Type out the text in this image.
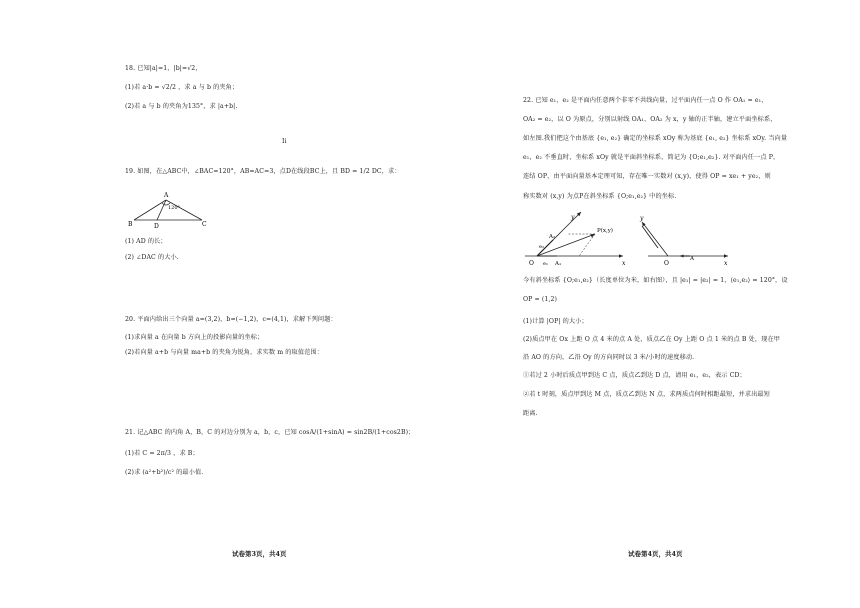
18. 已知|a|=1，|b|=√2，
(1)若 a·b = √2/2 ，求 a 与 b 的夹角；
(2)若 a 与 b 的夹角为135°，求 |a+b|.
Ii
19. 如图，在△ABC中，∠BAC=120°，AB=AC=3，点D在线段BC上，且 BD = 1/2 DC，求：
A
120°
B	D	C
(1) AD 的长；
(2) ∠DAC 的大小.
20. 平面内给出三个向量 a=(3,2)，b=(−1,2)，c=(4,1)，求解下列问题：
(1)求向量 a 在向量 b 方向上的投影向量的坐标；
(2)若向量 a+b 与向量 ma+b 的夹角为锐角，求实数 m 的取值范围：
21. 记△ABC 的内角 A，B，C 的对边分别为 a，b，c，已知 cosA/(1+sinA) = sin2B/(1+cos2B)；
(1)若 C = 2π/3 ，求 B；
(2)求 (a²+b²)/c² 的最小值.
试卷第3页，共4页
22. 已知 e₁，e₂ 是平面内任意两个非零不共线向量，过平面内任一点 O 作 OA₁ = e₁，
OA₂ = e₂，以 O 为原点，分别以射线 OA₁、OA₂ 为 x，y 轴的正半轴，建立平面坐标系，
如左图.我们把这个由基底 {e₁, e₂} 确定的坐标系 xOy 称为基底 {e₁, e₂} 坐标系 xOy. 当向量
e₁，e₂ 不垂直时，坐标系 xOy 就是平面斜坐标系，简记为 {O;e₁,e₂}. 对平面内任一点 P，
连结 OP，由平面向量基本定理可知，存在唯一实数对 (x,y)，使得 OP = xe₁ + ye₂，则
称实数对 (x,y) 为点P在斜坐标系 {O;e₁,e₂} 中的坐标.
y
P(x,y)
A₂
e₂
O e₁ A₁	x
y
O
A
x
今有斜坐标系 {O;e₁,e₂}（长度单位为米，如右图），且 |e₁| = |e₂| = 1，⟨e₁,e₂⟩ = 120°，设
OP = (1,2)
(1)计算 |OP| 的大小；
(2)质点甲在 Ox 上距 O 点 4 米的点 A 处，质点乙在 Oy 上距 O 点 1 米的点 B 处，现在甲
沿 AO 的方向，乙沿 Oy 的方向同时以 3 米/小时的速度移动.
①若过 2 小时后质点甲到达 C 点，质点乙到达 D 点，请用 e₁，e₂，表示 CD；
②若 t 时刻，质点甲到达 M 点，质点乙到达 N 点，求两质点何时相距最短，并求出最短
距离.
试卷第4页，共4页
